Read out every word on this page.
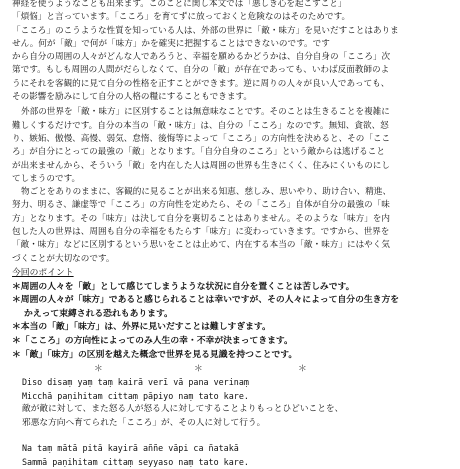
神経を使うようなことも出来ます。このことに関し本文では「悪しき心を起こすこと」
「煩悩」と言っています。「こころ」を育てずに放っておくと危険なのはそのためです。
「こころ」のこうような性質を知っている人は、外部の世界に「敵・味方」を見いだすことはありま
せん。何が「敵」で何が「味方」かを確実に把握することはできないのです。です
から自分の周囲の人々がどんな人であろうと、幸福を願めるかどうかは、自分自身の「こころ」次
第です。もしも周囲の人間がだらしなくて、自分の「敵」が存在であっても、いわば反面教師のよ
うにそれを客観的に見て自分の性格を正すことができます。逆に周りの人々が良い人であっても、
その影響を励みにして自分の人格の糧にすることもできます。
外部の世界を「敵・味方」に区別することは無意味なことです。そのことは生きることを複雑に
難しくするだけです。自分の本当の「敵・味方」は、自分の「こころ」なのです。無知、貪欲、怒
り、嫉妬、傲慢、高慢、弱気、怠惰、後悔等によって「こころ」の方向性を決めると、その「ここ
ろ」が自分にとっての最強の「敵」となります。「自分自身のこころ」という敵からは逃げること
が出来ませんから、そういう「敵」を内在した人は周囲の世界も生きにくく、住みにくいものにし
てしまうのです。
物ごとをありのままに、客観的に見ることが出来る知恵、慈しみ、思いやり、助け合い、精進、
努力、明るさ、謙虚等で「こころ」の方向性を定めたら、その「こころ」自体が自分の最強の「味
方」となります。その「味方」は決して自分を裏切ることはありません。そのような「味方」を内
包した人の世界は、周囲も自分の幸福をもたらす「味方」に変わっていきます。ですから、世界を
「敵・味方」などに区別するという思いをことは止めて、内在する本当の「敵・味方」にはやく気
づくことが大切なのです。
今回のポイント
＊周囲の人々を「敵」として感じてしまうような状況に自分を置くことは苦しみです。
＊周囲の人々が「味方」であると感じられることは幸いですが、その人々によって自分の生き方を
かえって束縛される恐れもあります。
＊本当の「敵」「味方」は、外界に見いだすことは難しすぎます。
＊「こころ」の方向性によってのみ人生の幸・不幸が決まってきます。
＊「敵」「味方」の区別を越えた概念で世界を見る見識を持つことです。
＊	＊	＊
Diso disaṃ yaṃ taṃ kairā verī vā pana verinaṃ
Micchā paṇihitam cittaṃ pāpiyo naṃ tato kare.
敵が敵に対して、また怒る人が怒る人に対してすることよりもっとひどいことを、
邪悪な方向へ育てられた「こころ」が、その人に対して行う。
Na taṃ mātā pitā kayirā aññe vāpi ca ñatakā
Sammā paṇihitam cittaṃ seyyaso naṃ tato kare.
